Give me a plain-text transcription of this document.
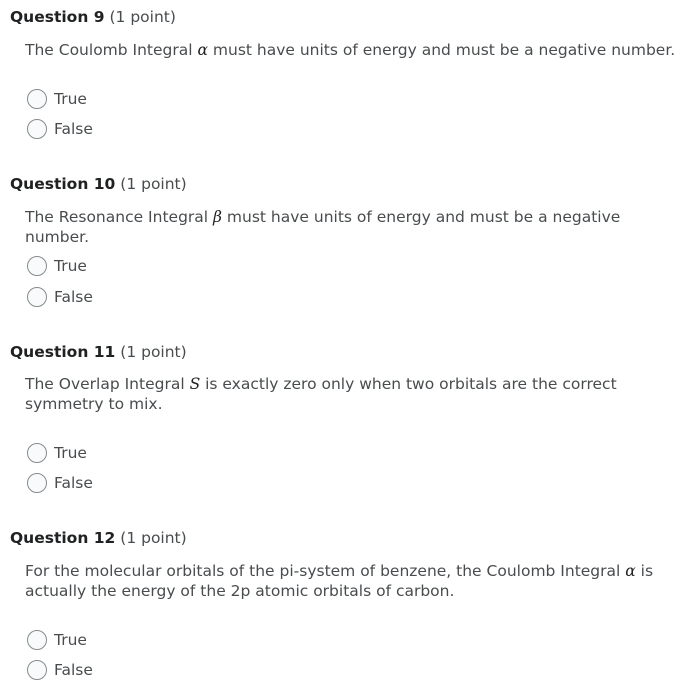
Question 9 (1 point)
The Coulomb Integral α must have units of energy and must be a negative number.
True
False
Question 10 (1 point)
The Resonance Integral β must have units of energy and must be a negative number.
True
False
Question 11 (1 point)
The Overlap Integral S is exactly zero only when two orbitals are the correct symmetry to mix.
True
False
Question 12 (1 point)
For the molecular orbitals of the pi-system of benzene, the Coulomb Integral α is actually the energy of the 2p atomic orbitals of carbon.
True
False
